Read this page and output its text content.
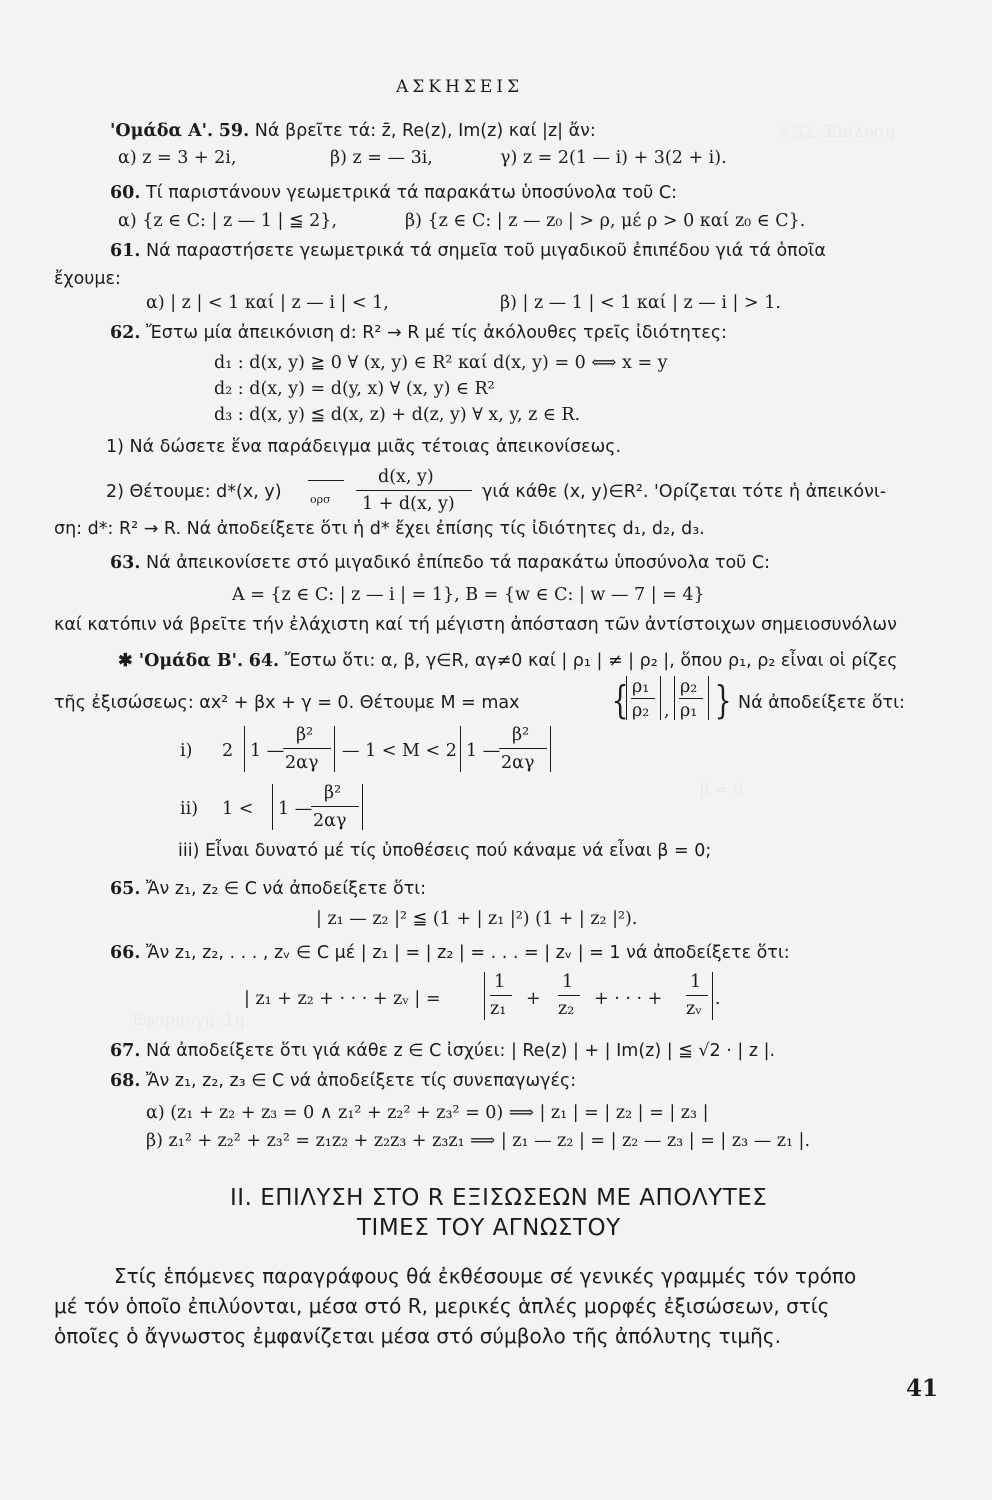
ΑΣΚΗΣΕΙΣ
'Ομάδα Α'. 59. Νά βρεῖτε τά: z̄, Re(z), Im(z) καί |z| ἄν:
α) z = 3 + 2i,	β) z = — 3i,	γ) z = 2(1 — i) + 3(2 + i).
60. Τί παριστάνουν γεωμετρικά τά παρακάτω ὑποσύνολα τοῦ C:
α) {z ∈ C: | z — 1 | ≦ 2},	β) {z ∈ C: | z — z₀ | > ρ, μέ ρ > 0 καί z₀ ∈ C}.
61. Νά παραστήσετε γεωμετρικά τά σημεῖα τοῦ μιγαδικοῦ ἐπιπέδου γιά τά ὁποῖα
ἔχουμε:
α) | z | < 1 καί | z — i | < 1,	β) | z — 1 | < 1 καί | z — i | > 1.
62. Ἔστω μία ἀπεικόνιση d: R² → R μέ τίς ἀκόλουθες τρεῖς ἰδιότητες:
d₁ : d(x, y) ≧ 0 ∀ (x, y) ∈ R² καί d(x, y) = 0 ⟺ x = y
d₂ : d(x, y) = d(y, x) ∀ (x, y) ∈ R²
d₃ : d(x, y) ≦ d(x, z) + d(z, y) ∀ x, y, z ∈ R.
1) Νά δώσετε ἕνα παράδειγμα μιᾶς τέτοιας ἀπεικονίσεως.
2) Θέτουμε: d*(x, y)	ορσ
d(x, y)
1 + d(x, y)
γιά κάθε (x, y)∈R². 'Ορίζεται τότε ἡ ἀπεικόνι-
ση: d*: R² → R. Νά ἀποδείξετε ὅτι ἡ d* ἔχει ἐπίσης τίς ἰδιότητες d₁, d₂, d₃.
63. Νά ἀπεικονίσετε στό μιγαδικό ἐπίπεδο τά παρακάτω ὑποσύνολα τοῦ C:
A = {z ∈ C: | z — i | = 1}, B = {w ∈ C: | w — 7 | = 4}
καί κατόπιν νά βρεῖτε τήν ἐλάχιστη καί τή μέγιστη ἀπόσταση τῶν ἀντίστοιχων σημειοσυνόλων
✱ 'Ομάδα Β'. 64. Ἔστω ὅτι: α, β, γ∈R, αγ≠0 καί | ρ₁ | ≠ | ρ₂ |, ὅπου ρ₁, ρ₂ εἶναι οἱ ρίζες
τῆς ἐξισώσεως: αx² + βx + γ = 0. Θέτουμε M = max { ρ₁
ρ₂ ,
ρ₂
ρ₁ } Νά ἀποδείξετε ὅτι:
i) 2 1 —
β²
2αγ
— 1 < M < 2 1 —
β²
2αγ
ii) 1 < 1 —
β²
2αγ
iii) Εἶναι δυνατό μέ τίς ὑποθέσεις πού κάναμε νά εἶναι β = 0;
65. Ἄν z₁, z₂ ∈ C νά ἀποδείξετε ὅτι:
| z₁ — z₂ |² ≦ (1 + | z₁ |²) (1 + | z₂ |²).
66. Ἄν z₁, z₂, . . . , zᵥ ∈ C μέ | z₁ | = | z₂ | = . . . = | zᵥ | = 1 νά ἀποδείξετε ὅτι:
| z₁ + z₂ + · · · + zᵥ | =
1
z₁ +
1
z₂ + · · · +
1
zᵥ .
67. Νά ἀποδείξετε ὅτι γιά κάθε z ∈ C ἰσχύει: | Re(z) | + | Im(z) | ≦ √2 · | z |.
68. Ἄν z₁, z₂, z₃ ∈ C νά ἀποδείξετε τίς συνεπαγωγές:
α) (z₁ + z₂ + z₃ = 0 ∧ z₁² + z₂² + z₃² = 0) ⟹ | z₁ | = | z₂ | = | z₃ |
β) z₁² + z₂² + z₃² = z₁z₂ + z₂z₃ + z₃z₁ ⟹ | z₁ — z₂ | = | z₂ — z₃ | = | z₃ — z₁ |.
II. ΕΠΙΛΥΣΗ ΣΤΟ R ΕΞΙΣΩΣΕΩΝ ΜΕ ΑΠΟΛΥΤΕΣ
ΤΙΜΕΣ ΤΟΥ ΑΓΝΩΣΤΟΥ
Στίς ἑπόμενες παραγράφους θά ἐκθέσουμε σέ γενικές γραμμές τόν τρόπο
μέ τόν ὁποῖο ἐπιλύονται, μέσα στό R, μερικές ἁπλές μορφές ἐξισώσεων, στίς
ὁποῖες ὁ ἄγνωστος ἐμφανίζεται μέσα στό σύμβολο τῆς ἀπόλυτης τιμῆς.
41
